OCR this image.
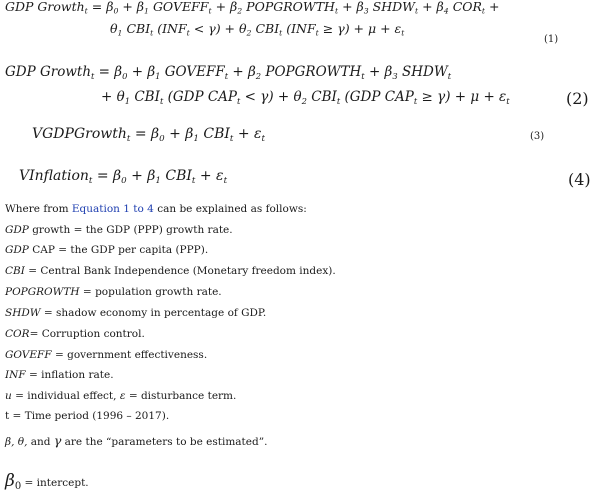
GDP Growth$_t$ = $\beta_0 + \beta_1$ $GOVEFF_t + \beta_2$ $POPGROWTH_t + \beta_3$ $SHDW_t + \beta_4$ $COR_t$ +
$\theta_1$ $CBI_t$ $(INF_t < \gamma) + \theta_2$ $CBI_t$ $(INF_t \ge \gamma) + \mu + \varepsilon_t$
(1)
GDP Growth$_t$ = $\beta_0 + \beta_1$ $GOVEFF_t + \beta_2$ $POPGROWTH_t + \beta_3$ $SHDW_t$
+ $\theta_1$ $CBI_t$ (GDP $CAP_t < \gamma) + \theta_2$ $CBI_t$ (GDP $CAP_t \ge \gamma) + \mu + \varepsilon_t$	(2)
VGDPGrowth$_t$ = $\beta_0 + \beta_1$ $CBI_t + \varepsilon_t$	(3)
VInflation$_t$ = $\beta_0 + \beta_1$ $CBI_t + \varepsilon_t$	(4)
Where from Equation 1 to 4 can be explained as follows:
GDP growth = the GDP (PPP) growth rate.
GDP CAP = the GDP per capita (PPP).
CBI = Central Bank Independence (Monetary freedom index).
POPGROWTH = population growth rate.
SHDW = shadow economy in percentage of GDP.
COR= Corruption control.
GOVEFF = government effectiveness.
INF = inflation rate.
u = individual effect, ε = disturbance term.
t = Time period (1996 – 2017).
β, θ, and γ are the “parameters to be estimated”.
$\beta_0$ = intercept.
